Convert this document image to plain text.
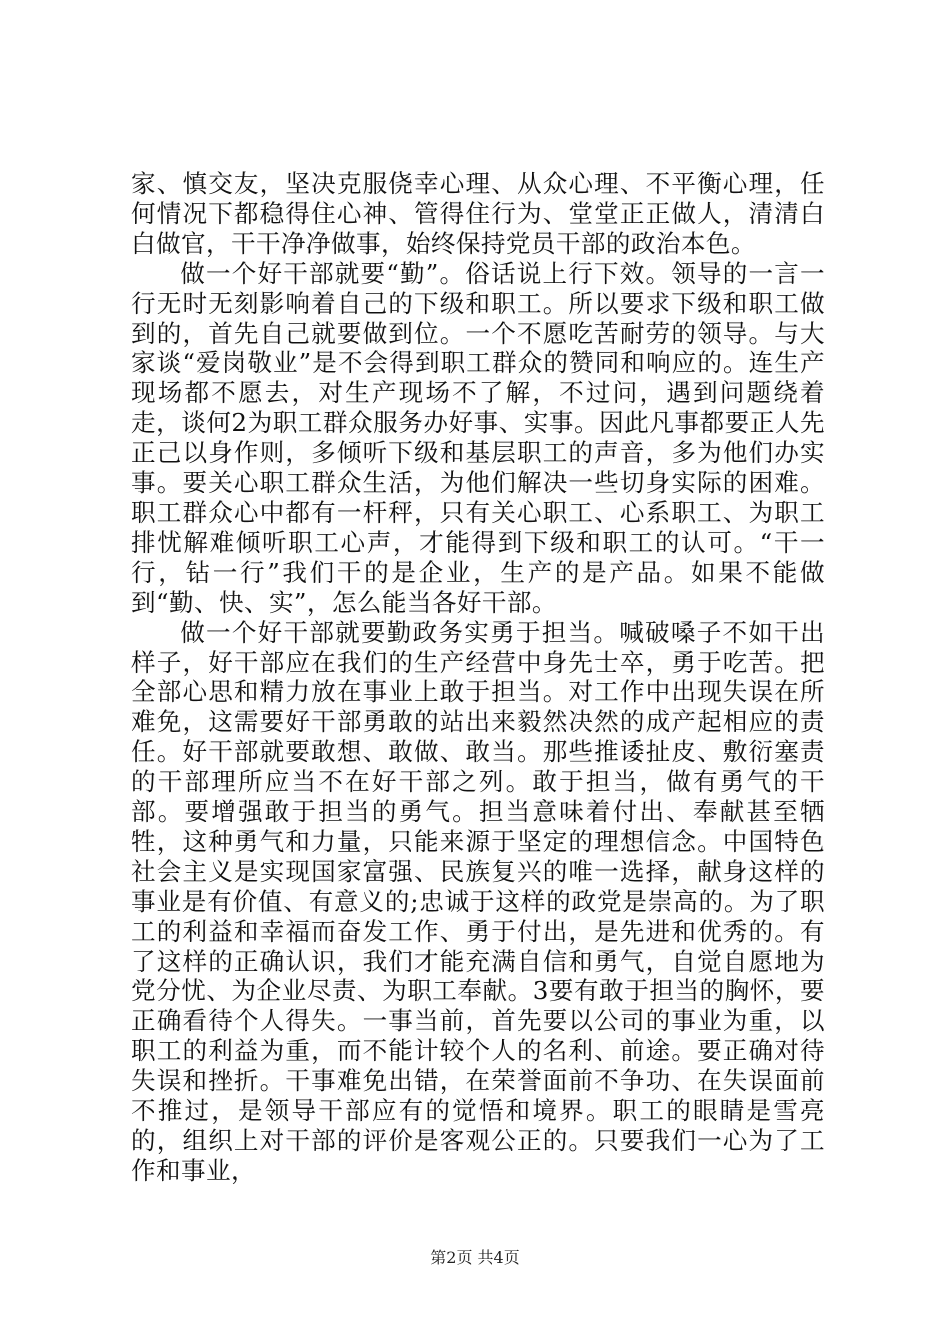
家、慎交友，坚决克服侥幸心理、从众心理、不平衡心理，任何情况下都稳得住心神、管得住行为、堂堂正正做人，清清白白做官，干干净净做事，始终保持党员干部的政治本色。

做一个好干部就要“勤”。俗话说上行下效。领导的一言一行无时无刻影响着自己的下级和职工。所以要求下级和职工做到的，首先自己就要做到位。一个不愿吃苦耐劳的领导。与大家谈“爱岗敬业”是不会得到职工群众的赞同和响应的。连生产现场都不愿去，对生产现场不了解，不过问，遇到问题绕着走，谈何2为职工群众服务办好事、实事。因此凡事都要正人先正己以身作则，多倾听下级和基层职工的声音，多为他们办实事。要关心职工群众生活，为他们解决一些切身实际的困难。职工群众心中都有一杆秤，只有关心职工、心系职工、为职工排忧解难倾听职工心声，才能得到下级和职工的认可。“干一行，钻一行”我们干的是企业，生产的是产品。如果不能做到“勤、快、实”，怎么能当各好干部。

做一个好干部就要勤政务实勇于担当。喊破嗓子不如干出样子，好干部应在我们的生产经营中身先士卒，勇于吃苦。把全部心思和精力放在事业上敢于担当。对工作中出现失误在所难免，这需要好干部勇敢的站出来毅然决然的成产起相应的责任。好干部就要敢想、敢做、敢当。那些推诿扯皮、敷衍塞责的干部理所应当不在好干部之列。敢于担当，做有勇气的干部。要增强敢于担当的勇气。担当意味着付出、奉献甚至牺牲，这种勇气和力量，只能来源于坚定的理想信念。中国特色社会主义是实现国家富强、民族复兴的唯一选择，献身这样的事业是有价值、有意义的;忠诚于这样的政党是崇高的。为了职工的利益和幸福而奋发工作、勇于付出，是先进和优秀的。有了这样的正确认识，我们才能充满自信和勇气，自觉自愿地为党分忧、为企业尽责、为职工奉献。3要有敢于担当的胸怀，要正确看待个人得失。一事当前，首先要以公司的事业为重，以职工的利益为重，而不能计较个人的名利、前途。要正确对待失误和挫折。干事难免出错，在荣誉面前不争功、在失误面前不推过，是领导干部应有的觉悟和境界。职工的眼睛是雪亮的，组织上对干部的评价是客观公正的。只要我们一心为了工作和事业，

第2页 共4页
